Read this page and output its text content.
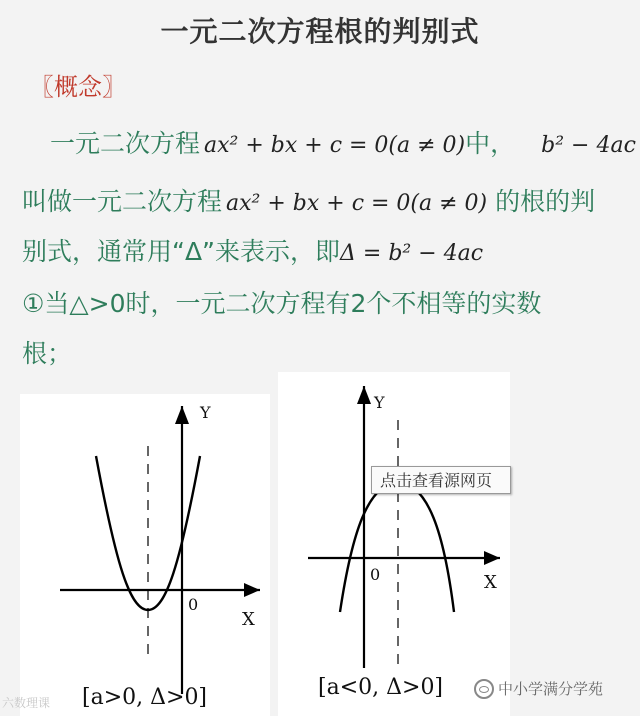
一元二次方程根的判别式
〖概念〗
一元二次方程 ax² + bx + c = 0(a ≠ 0)中， b² − 4ac
叫做一元二次方程 ax² + bx + c = 0(a ≠ 0) 的根的判
别式，通常用“Δ”来表示，即Δ = b² − 4ac
①当△>0时，一元二次方程有2个不相等的实数
根；
Y
X
0
[a>0, Δ>0]
Y
X
0
[a<0, Δ>0]
点击查看源网页
六数理课
中小学满分学苑
